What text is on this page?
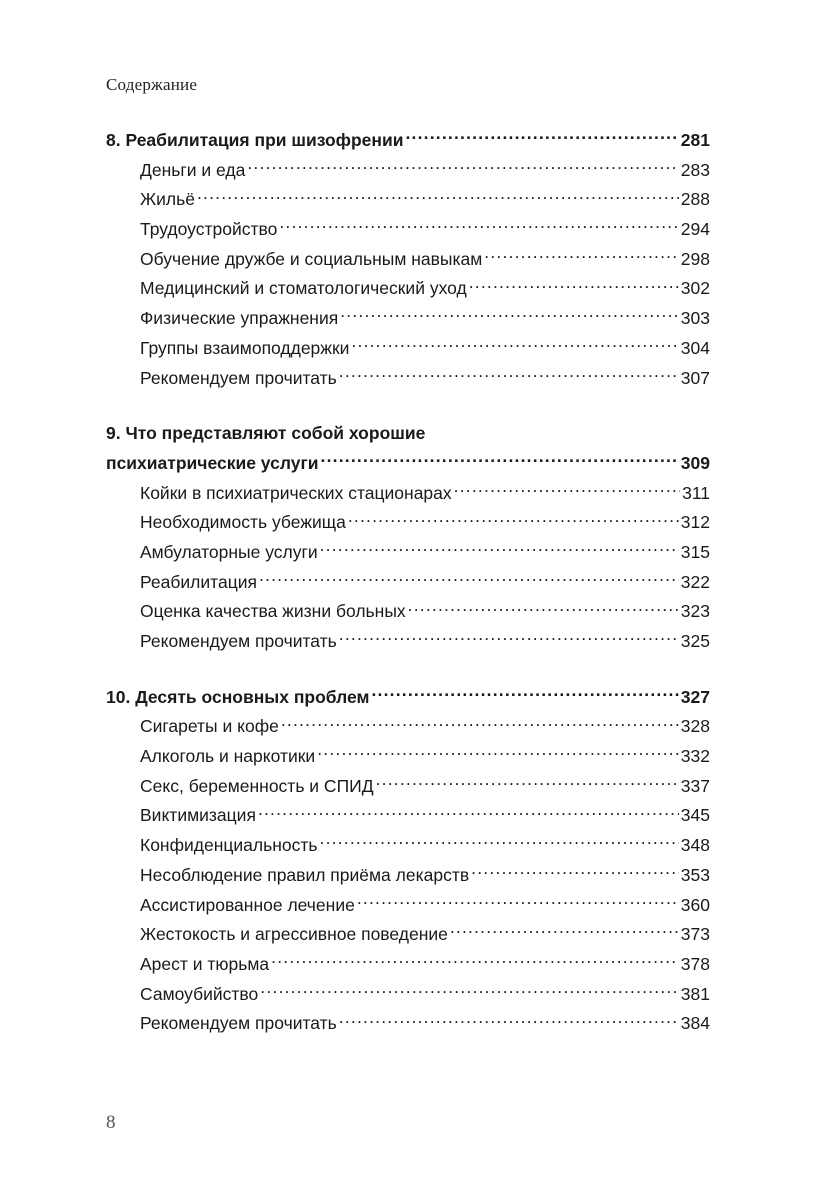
Содержание
8. Реабилитация при шизофрении .....	281
Деньги и еда .....	283
Жильё .....	288
Трудоустройство .....	294
Обучение дружбе и социальным навыкам .....	298
Медицинский и стоматологический уход .....	302
Физические упражнения .....	303
Группы взаимоподдержки .....	304
Рекомендуем прочитать .....	307
9. Что представляют собой хорошие
психиатрические услуги .....	309
Койки в психиатрических стационарах .....	311
Необходимость убежища .....	312
Амбулаторные услуги .....	315
Реабилитация .....	322
Оценка качества жизни больных .....	323
Рекомендуем прочитать .....	325
10. Десять основных проблем .....	327
Сигареты и кофе .....	328
Алкоголь и наркотики .....	332
Секс, беременность и СПИД .....	337
Виктимизация .....	345
Конфиденциальность .....	348
Несоблюдение правил приёма лекарств .....	353
Ассистированное лечение .....	360
Жестокость и агрессивное поведение .....	373
Арест и тюрьма .....	378
Самоубийство .....	381
Рекомендуем прочитать .....	384
8
